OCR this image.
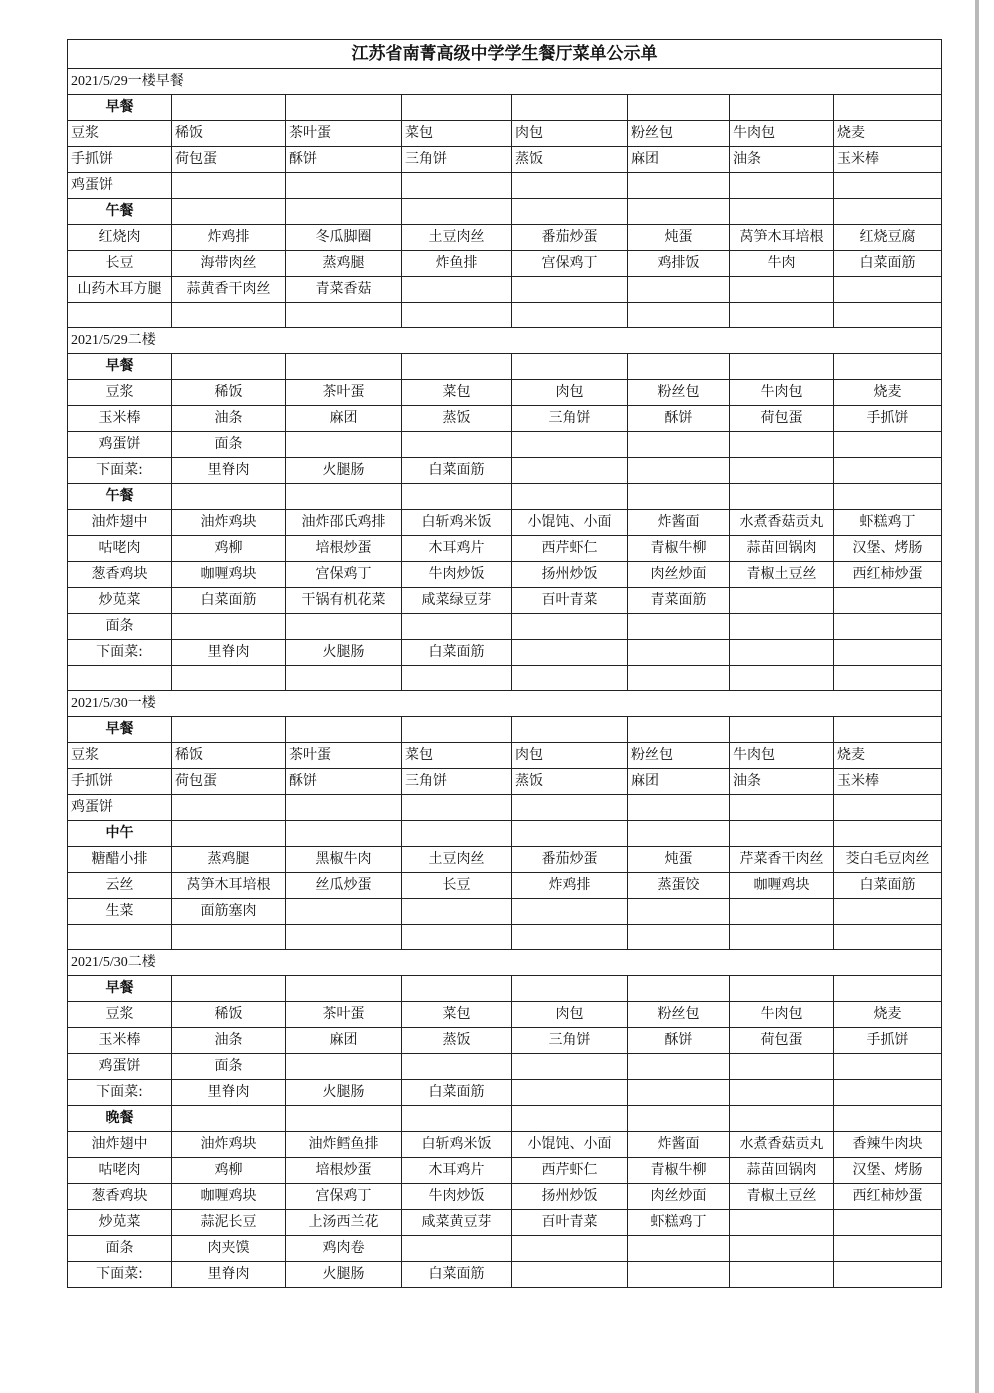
江苏省南菁高级中学学生餐厅菜单公示单							
2021/5/29一楼早餐							
早餐							
豆浆	稀饭	茶叶蛋	菜包	肉包	粉丝包	牛肉包	烧麦
手抓饼	荷包蛋	酥饼	三角饼	蒸饭	麻团	油条	玉米棒
鸡蛋饼							
午餐							
红烧肉	炸鸡排	冬瓜脚圈	土豆肉丝	番茄炒蛋	炖蛋	莴笋木耳培根	红烧豆腐
长豆	海带肉丝	蒸鸡腿	炸鱼排	宫保鸡丁	鸡排饭	牛肉	白菜面筋
山药木耳方腿	蒜黄香干肉丝	青菜香菇					

2021/5/29二楼							
早餐							
豆浆	稀饭	茶叶蛋	菜包	肉包	粉丝包	牛肉包	烧麦
玉米棒	油条	麻团	蒸饭	三角饼	酥饼	荷包蛋	手抓饼
鸡蛋饼	面条						
下面菜:	里脊肉	火腿肠	白菜面筋				
午餐							
油炸翅中	油炸鸡块	油炸邵氏鸡排	白斩鸡米饭	小馄饨、小面	炸酱面	水煮香菇贡丸	虾糕鸡丁
咕咾肉	鸡柳	培根炒蛋	木耳鸡片	西芹虾仁	青椒牛柳	蒜苗回锅肉	汉堡、烤肠
葱香鸡块	咖喱鸡块	宫保鸡丁	牛肉炒饭	扬州炒饭	肉丝炒面	青椒土豆丝	西红柿炒蛋
炒苋菜	白菜面筋	干锅有机花菜	咸菜绿豆芽	百叶青菜	青菜面筋		
面条							
下面菜:	里脊肉	火腿肠	白菜面筋				

2021/5/30一楼							
早餐							
豆浆	稀饭	茶叶蛋	菜包	肉包	粉丝包	牛肉包	烧麦
手抓饼	荷包蛋	酥饼	三角饼	蒸饭	麻团	油条	玉米棒
鸡蛋饼							
中午							
糖醋小排	蒸鸡腿	黑椒牛肉	土豆肉丝	番茄炒蛋	炖蛋	芹菜香干肉丝	茭白毛豆肉丝
云丝	莴笋木耳培根	丝瓜炒蛋	长豆	炸鸡排	蒸蛋饺	咖喱鸡块	白菜面筋
生菜	面筋塞肉						

2021/5/30二楼							
早餐							
豆浆	稀饭	茶叶蛋	菜包	肉包	粉丝包	牛肉包	烧麦
玉米棒	油条	麻团	蒸饭	三角饼	酥饼	荷包蛋	手抓饼
鸡蛋饼	面条						
下面菜:	里脊肉	火腿肠	白菜面筋				
晚餐							
油炸翅中	油炸鸡块	油炸鳕鱼排	白斩鸡米饭	小馄饨、小面	炸酱面	水煮香菇贡丸	香辣牛肉块
咕咾肉	鸡柳	培根炒蛋	木耳鸡片	西芹虾仁	青椒牛柳	蒜苗回锅肉	汉堡、烤肠
葱香鸡块	咖喱鸡块	宫保鸡丁	牛肉炒饭	扬州炒饭	肉丝炒面	青椒土豆丝	西红柿炒蛋
炒苋菜	蒜泥长豆	上汤西兰花	咸菜黄豆芽	百叶青菜	虾糕鸡丁		
面条	肉夹馍	鸡肉卷					
下面菜:	里脊肉	火腿肠	白菜面筋				
